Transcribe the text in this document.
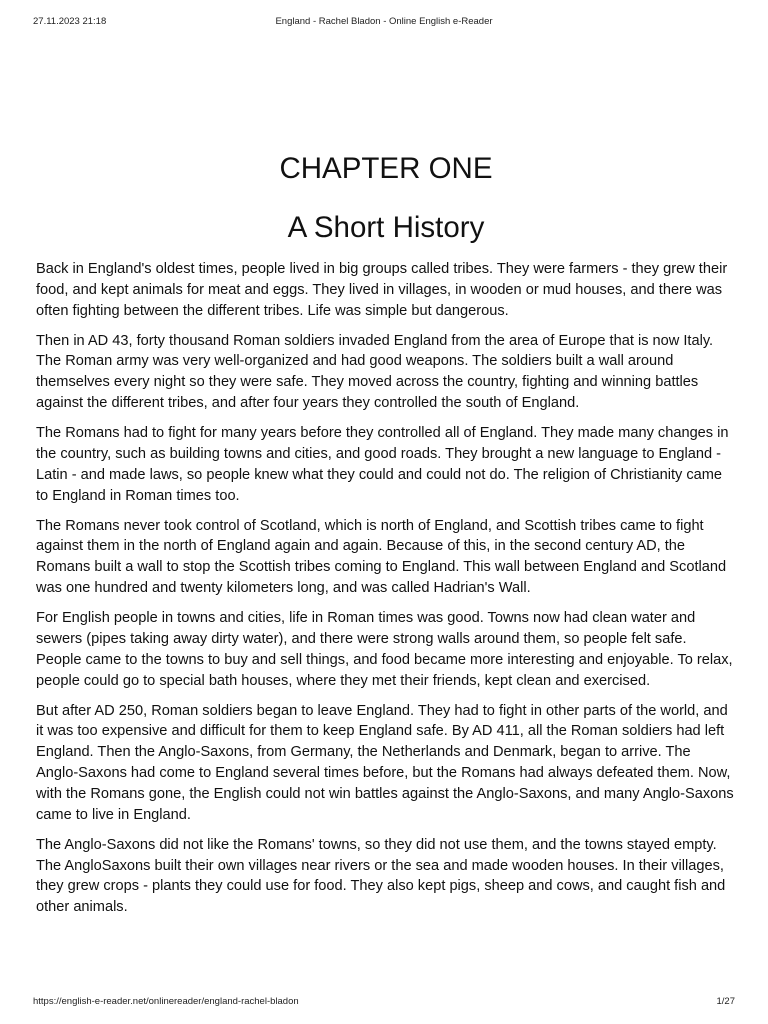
27.11.2023 21:18	England - Rachel Bladon - Online English e-Reader
CHAPTER ONE
A Short History

Back in England's oldest times, people lived in big groups called tribes. They were farmers - they grew their food, and kept animals for meat and eggs. They lived in villages, in wooden or mud houses, and there was often fighting between the different tribes. Life was simple but dangerous.

Then in AD 43, forty thousand Roman soldiers invaded England from the area of Europe that is now Italy. The Roman army was very well-organized and had good weapons. The soldiers built a wall around themselves every night so they were safe. They moved across the country, fighting and winning battles against the different tribes, and after four years they controlled the south of England.

The Romans had to fight for many years before they controlled all of England. They made many changes in the country, such as building towns and cities, and good roads. They brought a new language to England - Latin - and made laws, so people knew what they could and could not do. The religion of Christianity came to England in Roman times too.

The Romans never took control of Scotland, which is north of England, and Scottish tribes came to fight against them in the north of England again and again. Because of this, in the second century AD, the Romans built a wall to stop the Scottish tribes coming to England. This wall between England and Scotland was one hundred and twenty kilometers long, and was called Hadrian's Wall.

For English people in towns and cities, life in Roman times was good. Towns now had clean water and sewers (pipes taking away dirty water), and there were strong walls around them, so people felt safe. People came to the towns to buy and sell things, and food became more interesting and enjoyable. To relax, people could go to special bath houses, where they met their friends, kept clean and exercised.

But after AD 250, Roman soldiers began to leave England. They had to fight in other parts of the world, and it was too expensive and difficult for them to keep England safe. By AD 411, all the Roman soldiers had left England. Then the Anglo-Saxons, from Germany, the Netherlands and Denmark, began to arrive. The Anglo-Saxons had come to England several times before, but the Romans had always defeated them. Now, with the Romans gone, the English could not win battles against the Anglo-Saxons, and many Anglo-Saxons came to live in England.

The Anglo-Saxons did not like the Romans' towns, so they did not use them, and the towns stayed empty. The AngloSaxons built their own villages near rivers or the sea and made wooden houses. In their villages, they grew crops - plants they could use for food. They also kept pigs, sheep and cows, and caught fish and other animals.

https://english-e-reader.net/onlinereader/england-rachel-bladon	1/27
